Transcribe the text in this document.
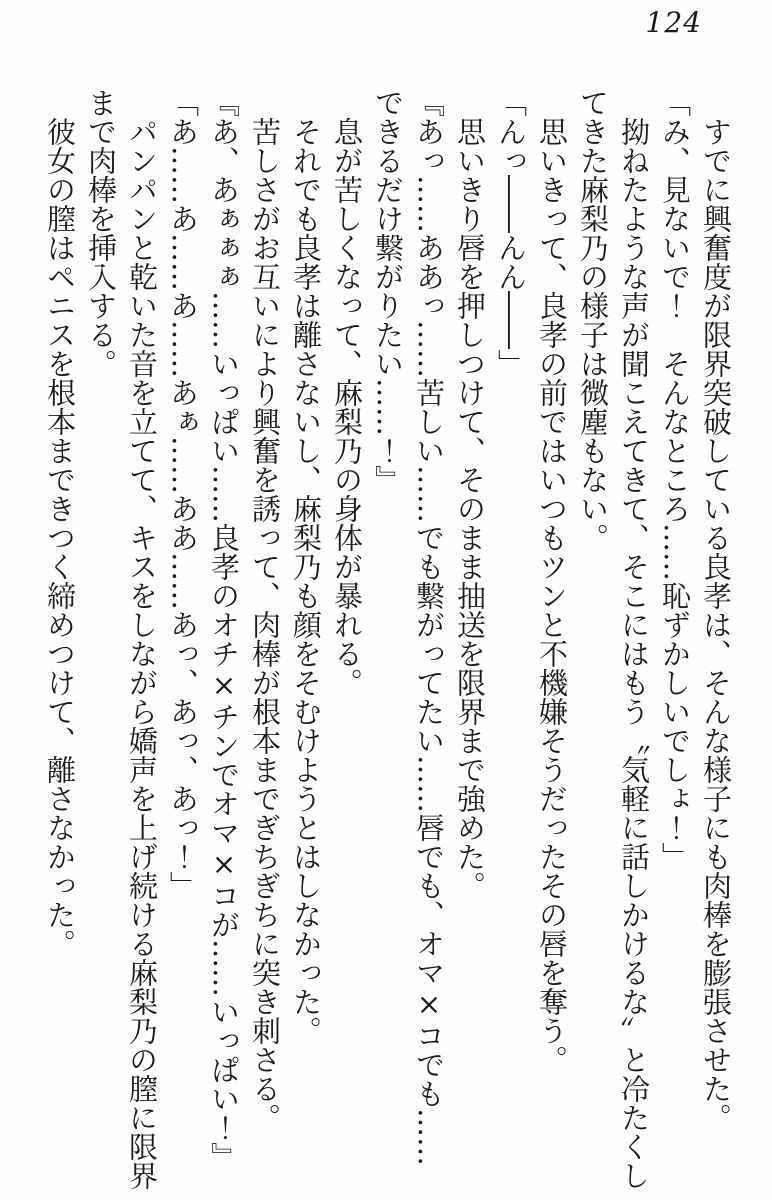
124

すでに興奮度が限界突破している良孝は、そんな様子にも肉棒を膨張させた。

「み、見ないで！　そんなところ……恥ずかしいでしょ！」

拗ねたような声が聞こえてきて、そこにはもう〝気軽に話しかけるな〟と冷たくしてきた麻梨乃の様子は微塵もない。

思いきって、良孝の前ではいつもツンと不機嫌そうだったその唇を奪う。

「んっ――んん――」

思いきり唇を押しつけて、そのまま抽送を限界まで強めた。

『あっ……ああっ……苦しい……でも繋がってたい……唇でも、オマ×コでも……できるだけ繋がりたい……！』

息が苦しくなって、麻梨乃の身体が暴れる。

それでも良孝は離さないし、麻梨乃も顔をそむけようとはしなかった。

苦しさがお互いにより興奮を誘って、肉棒が根本までぎちぎちに突き刺さる。

『あ、あぁぁぁ……いっぱい……良孝のオチ×チンでオマ×コが……いっぱい！』

「あ……あ……あ……あぁ……ああ……あっ、あっ、あっ！」

パンパンと乾いた音を立てて、キスをしながら嬌声を上げ続ける麻梨乃の膣に限界まで肉棒を挿入する。

彼女の膣はペニスを根本まできつく締めつけて、離さなかった。
